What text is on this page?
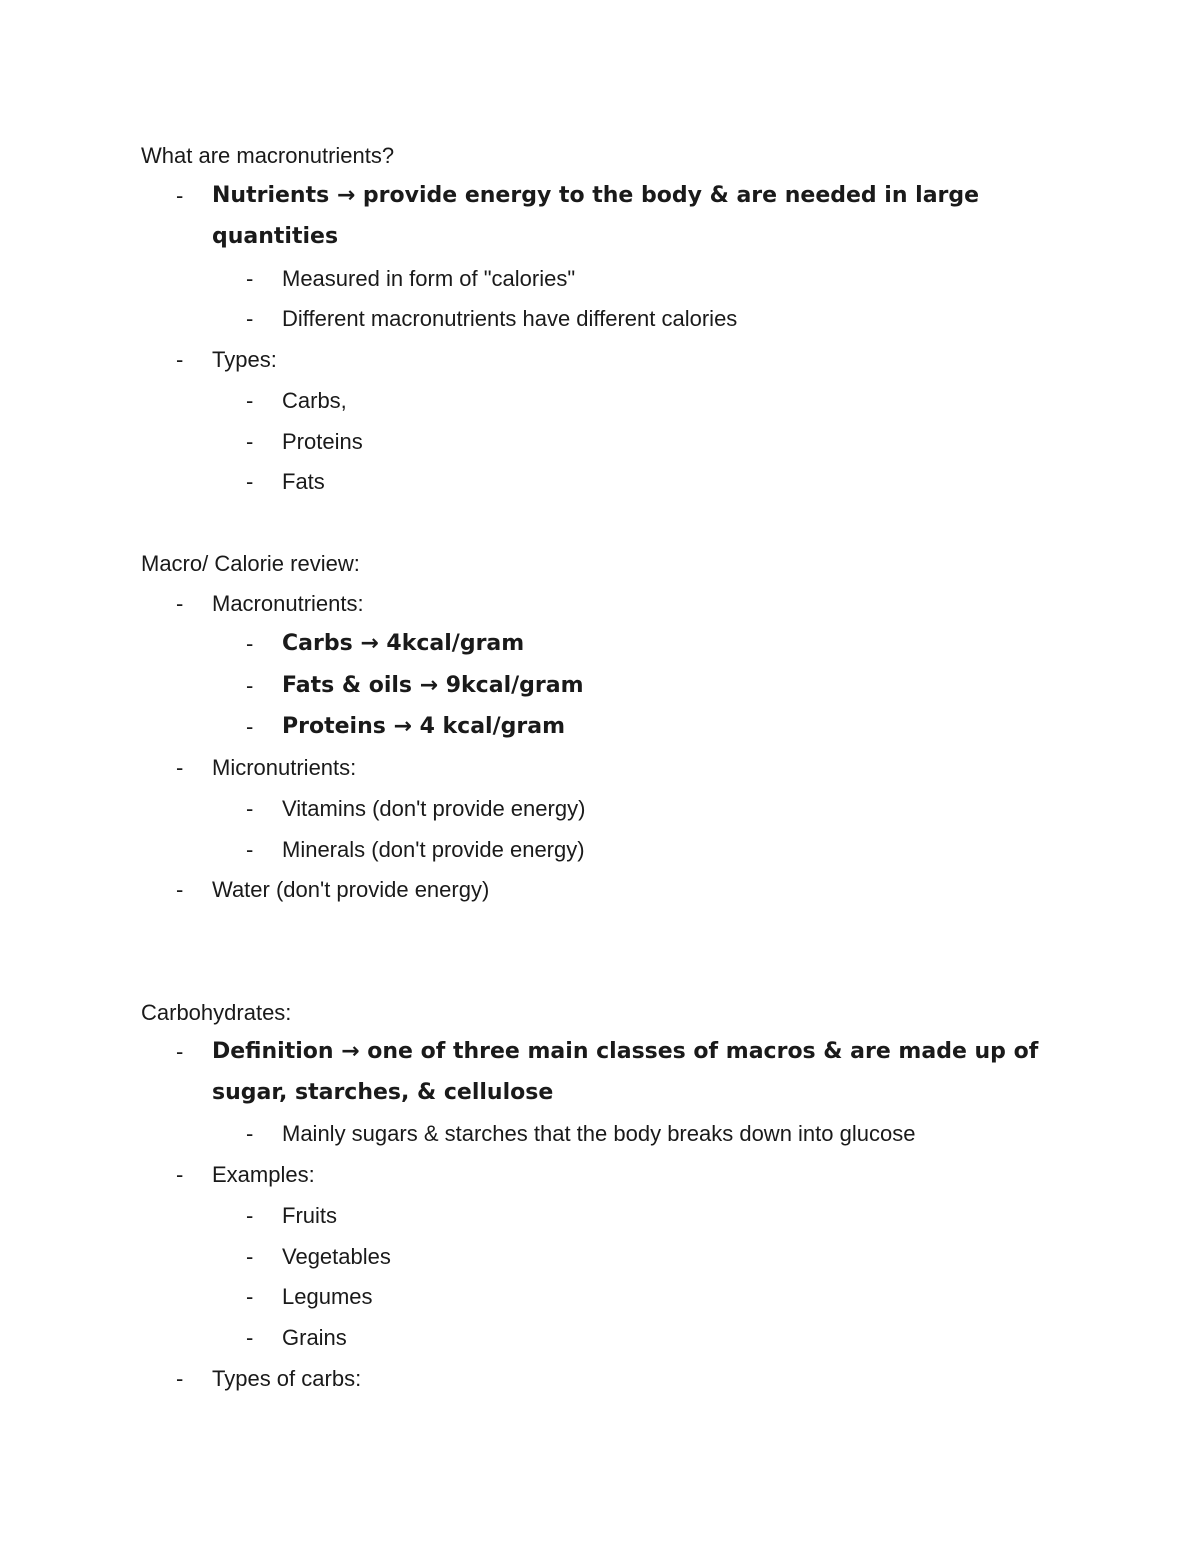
What are macronutrients?
- Nutrients → provide energy to the body & are needed in large
quantities
- Measured in form of "calories"
- Different macronutrients have different calories
- Types:
- Carbs,
- Proteins
- Fats
Macro/ Calorie review:
- Macronutrients:
- Carbs → 4kcal/gram
- Fats & oils → 9kcal/gram
- Proteins → 4 kcal/gram
- Micronutrients:
- Vitamins (don't provide energy)
- Minerals (don't provide energy)
- Water (don't provide energy)
Carbohydrates:
- Definition → one of three main classes of macros & are made up of
sugar, starches, & cellulose
- Mainly sugars & starches that the body breaks down into glucose
- Examples:
- Fruits
- Vegetables
- Legumes
- Grains
- Types of carbs:
